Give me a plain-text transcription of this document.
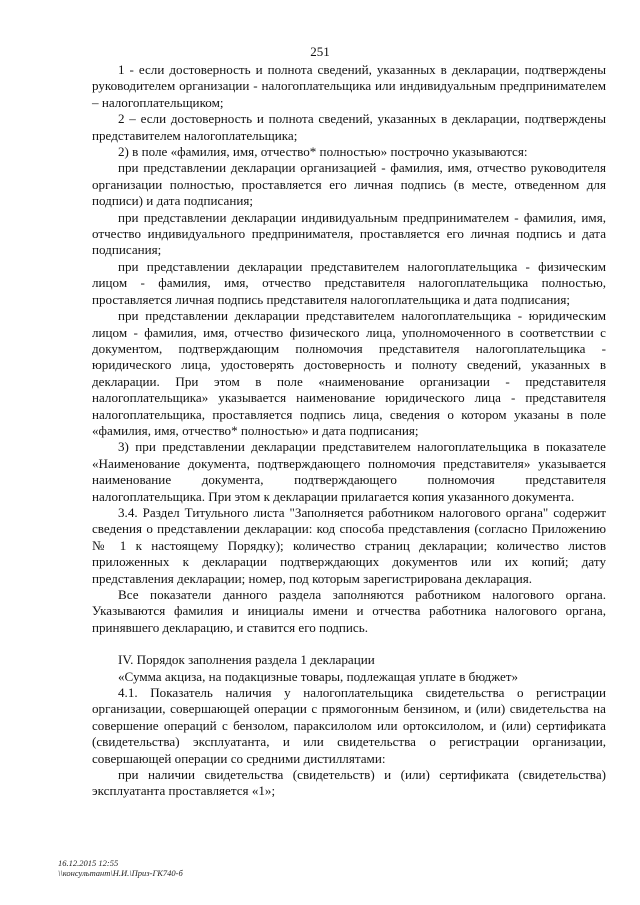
251

1 - если достоверность и полнота сведений, указанных в декларации, подтверждены руководителем организации - налогоплательщика или индивидуальным предпринимателем – налогоплательщиком;

2 – если достоверность и полнота сведений, указанных в декларации, подтверждены представителем налогоплательщика;

2) в поле «фамилия, имя, отчество* полностью» построчно указываются:

при представлении декларации организацией - фамилия, имя, отчество руководителя организации полностью, проставляется его личная подпись (в месте, отведенном для подписи) и дата подписания;

при представлении декларации индивидуальным предпринимателем - фамилия, имя, отчество индивидуального предпринимателя, проставляется его личная подпись и дата подписания;

при представлении декларации представителем налогоплательщика - физическим лицом - фамилия, имя, отчество представителя налогоплательщика полностью, проставляется личная подпись представителя налогоплательщика и дата подписания;

при представлении декларации представителем налогоплательщика - юридическим лицом - фамилия, имя, отчество физического лица, уполномоченного в соответствии с документом, подтверждающим полномочия представителя налогоплательщика - юридического лица, удостоверять достоверность и полноту сведений, указанных в декларации. При этом в поле «наименование организации - представителя налогоплательщика» указывается наименование юридического лица - представителя налогоплательщика, проставляется подпись лица, сведения о котором указаны в поле «фамилия, имя, отчество* полностью» и дата подписания;

3) при представлении декларации представителем налогоплательщика в показателе «Наименование документа, подтверждающего полномочия представителя» указывается наименование документа, подтверждающего полномочия представителя налогоплательщика. При этом к декларации прилагается копия указанного документа.

3.4. Раздел Титульного листа "Заполняется работником налогового органа" содержит сведения о представлении декларации: код способа представления (согласно Приложению № 1 к настоящему Порядку); количество страниц декларации; количество листов приложенных к декларации подтверждающих документов или их копий; дату представления декларации; номер, под которым зарегистрирована декларация.

Все показатели данного раздела заполняются работником налогового органа. Указываются фамилия и инициалы имени и отчества работника налогового органа, принявшего декларацию, и ставится его подпись.

IV. Порядок заполнения раздела 1 декларации

«Сумма акциза, на подакцизные товары, подлежащая уплате в бюджет»

4.1. Показатель наличия у налогоплательщика свидетельства о регистрации организации, совершающей операции с прямогонным бензином, и (или) свидетельства на совершение операций с бензолом, параксилолом или ортоксилолом, и (или) сертификата (свидетельства) эксплуатанта, и или свидетельства о регистрации организации, совершающей операции со средними дистиллятами:

при наличии свидетельства (свидетельств) и (или) сертификата (свидетельства) эксплуатанта проставляется «1»;

16.12.2015 12:55
\\консультант\Н.И.\Приз-ГК740-б
